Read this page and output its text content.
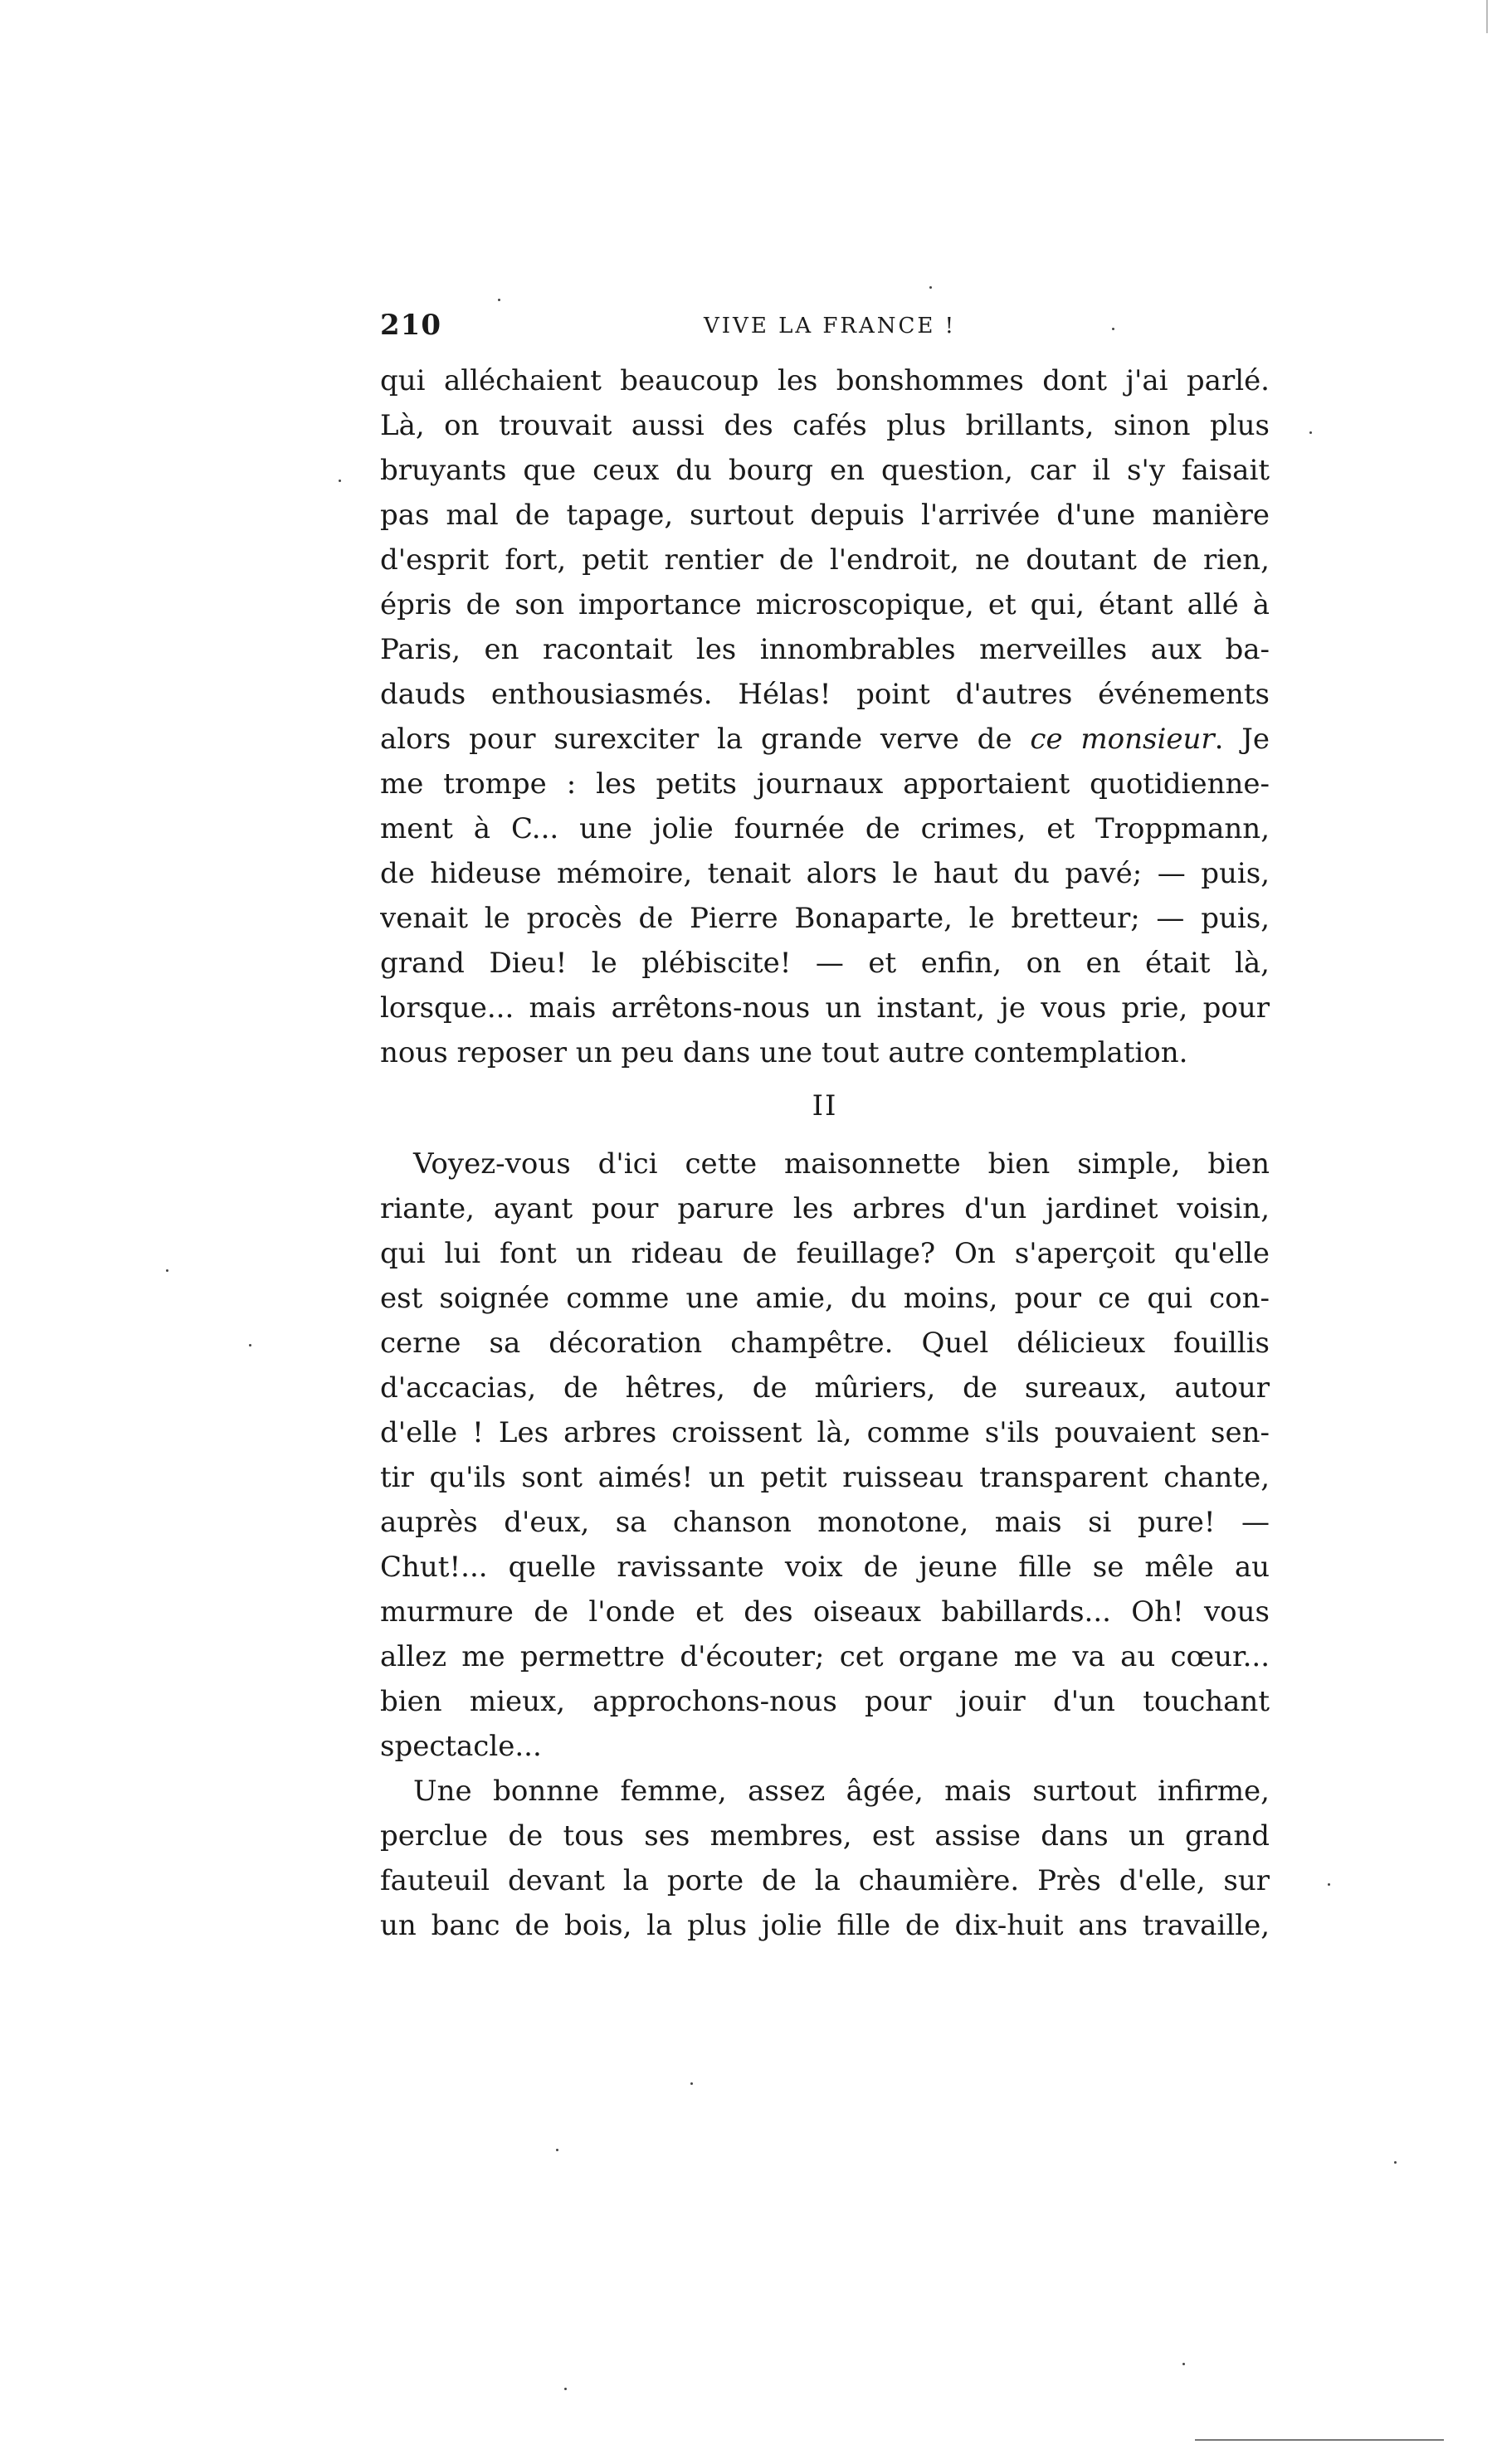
210	VIVE LA FRANCE !
qui alléchaient beaucoup les bonshommes dont j'ai parlé.
Là, on trouvait aussi des cafés plus brillants, sinon plus
bruyants que ceux du bourg en question, car il s'y faisait
pas mal de tapage, surtout depuis l'arrivée d'une manière
d'esprit fort, petit rentier de l'endroit, ne doutant de rien,
épris de son importance microscopique, et qui, étant allé à
Paris, en racontait les innombrables merveilles aux ba-
dauds enthousiasmés. Hélas! point d'autres événements
alors pour surexciter la grande verve de ce monsieur. Je
me trompe : les petits journaux apportaient quotidienne-
ment à C... une jolie fournée de crimes, et Troppmann,
de hideuse mémoire, tenait alors le haut du pavé; — puis,
venait le procès de Pierre Bonaparte, le bretteur; — puis,
grand Dieu! le plébiscite! — et enfin, on en était là,
lorsque... mais arrêtons-nous un instant, je vous prie, pour
nous reposer un peu dans une tout autre contemplation.
II
Voyez-vous d'ici cette maisonnette bien simple, bien
riante, ayant pour parure les arbres d'un jardinet voisin,
qui lui font un rideau de feuillage? On s'aperçoit qu'elle
est soignée comme une amie, du moins, pour ce qui con-
cerne sa décoration champêtre. Quel délicieux fouillis
d'accacias, de hêtres, de mûriers, de sureaux, autour
d'elle ! Les arbres croissent là, comme s'ils pouvaient sen-
tir qu'ils sont aimés! un petit ruisseau transparent chante,
auprès d'eux, sa chanson monotone, mais si pure! —
Chut!... quelle ravissante voix de jeune fille se mêle au
murmure de l'onde et des oiseaux babillards... Oh! vous
allez me permettre d'écouter; cet organe me va au cœur...
bien mieux, approchons-nous pour jouir d'un touchant
spectacle...
Une bonnne femme, assez âgée, mais surtout infirme,
perclue de tous ses membres, est assise dans un grand
fauteuil devant la porte de la chaumière. Près d'elle, sur
un banc de bois, la plus jolie fille de dix-huit ans travaille,
